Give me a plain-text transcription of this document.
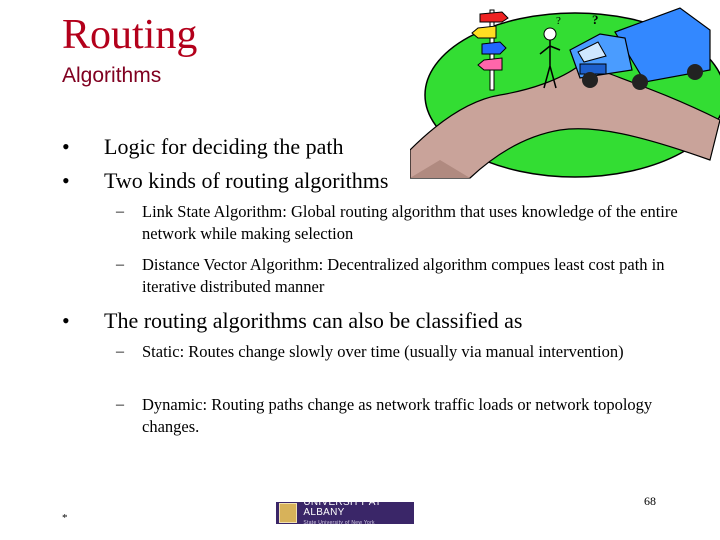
Routing
Algorithms
? ?
• Logic for deciding the path
• Two kinds of routing algorithms
– Link State Algorithm: Global routing algorithm that uses knowledge of the entire network while making selection
– Distance Vector Algorithm: Decentralized algorithm compues least cost path in iterative distributed manner
• The routing algorithms can also be classified as
– Static: Routes change slowly over time (usually via manual intervention)
– Dynamic: Routing paths change as network traffic loads or network topology changes.
68
*
UNIVERSITY AT ALBANY
State University of New York
